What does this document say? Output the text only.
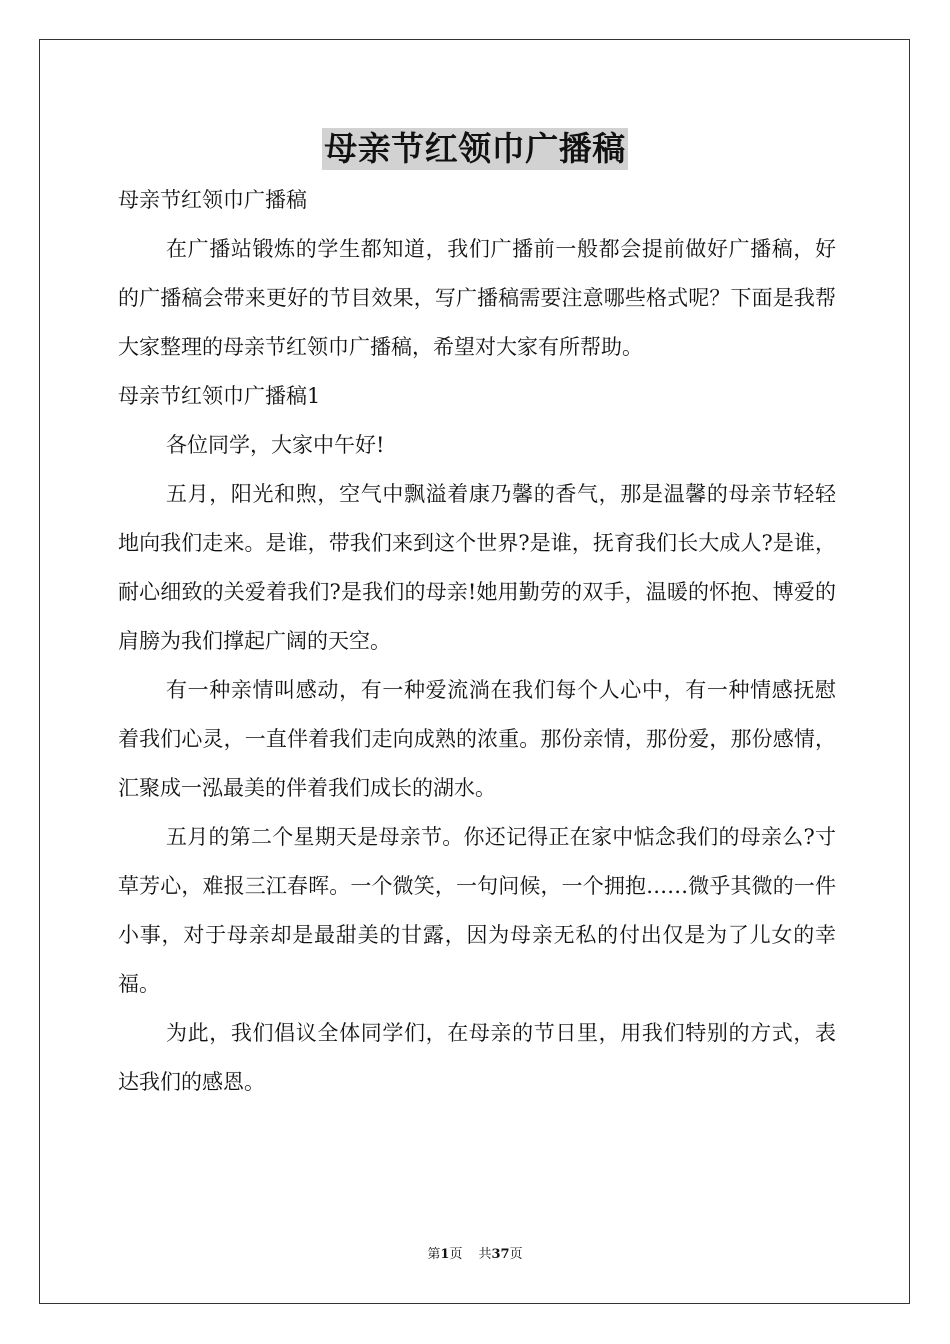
母亲节红领巾广播稿

母亲节红领巾广播稿

在广播站锻炼的学生都知道，我们广播前一般都会提前做好广播稿，好的广播稿会带来更好的节目效果，写广播稿需要注意哪些格式呢？下面是我帮大家整理的母亲节红领巾广播稿，希望对大家有所帮助。

母亲节红领巾广播稿1

各位同学，大家中午好!

五月，阳光和煦，空气中飘溢着康乃馨的香气，那是温馨的母亲节轻轻地向我们走来。是谁，带我们来到这个世界?是谁，抚育我们长大成人?是谁，耐心细致的关爱着我们?是我们的母亲!她用勤劳的双手，温暖的怀抱、博爱的肩膀为我们撑起广阔的天空。

有一种亲情叫感动，有一种爱流淌在我们每个人心中，有一种情感抚慰着我们心灵，一直伴着我们走向成熟的浓重。那份亲情，那份爱，那份感情，汇聚成一泓最美的伴着我们成长的湖水。

五月的第二个星期天是母亲节。你还记得正在家中惦念我们的母亲么?寸草芳心，难报三江春晖。一个微笑，一句问候，一个拥抱……微乎其微的一件小事，对于母亲却是最甜美的甘露，因为母亲无私的付出仅是为了儿女的幸福。

为此，我们倡议全体同学们，在母亲的节日里，用我们特别的方式，表达我们的感恩。

第1页 共37页
